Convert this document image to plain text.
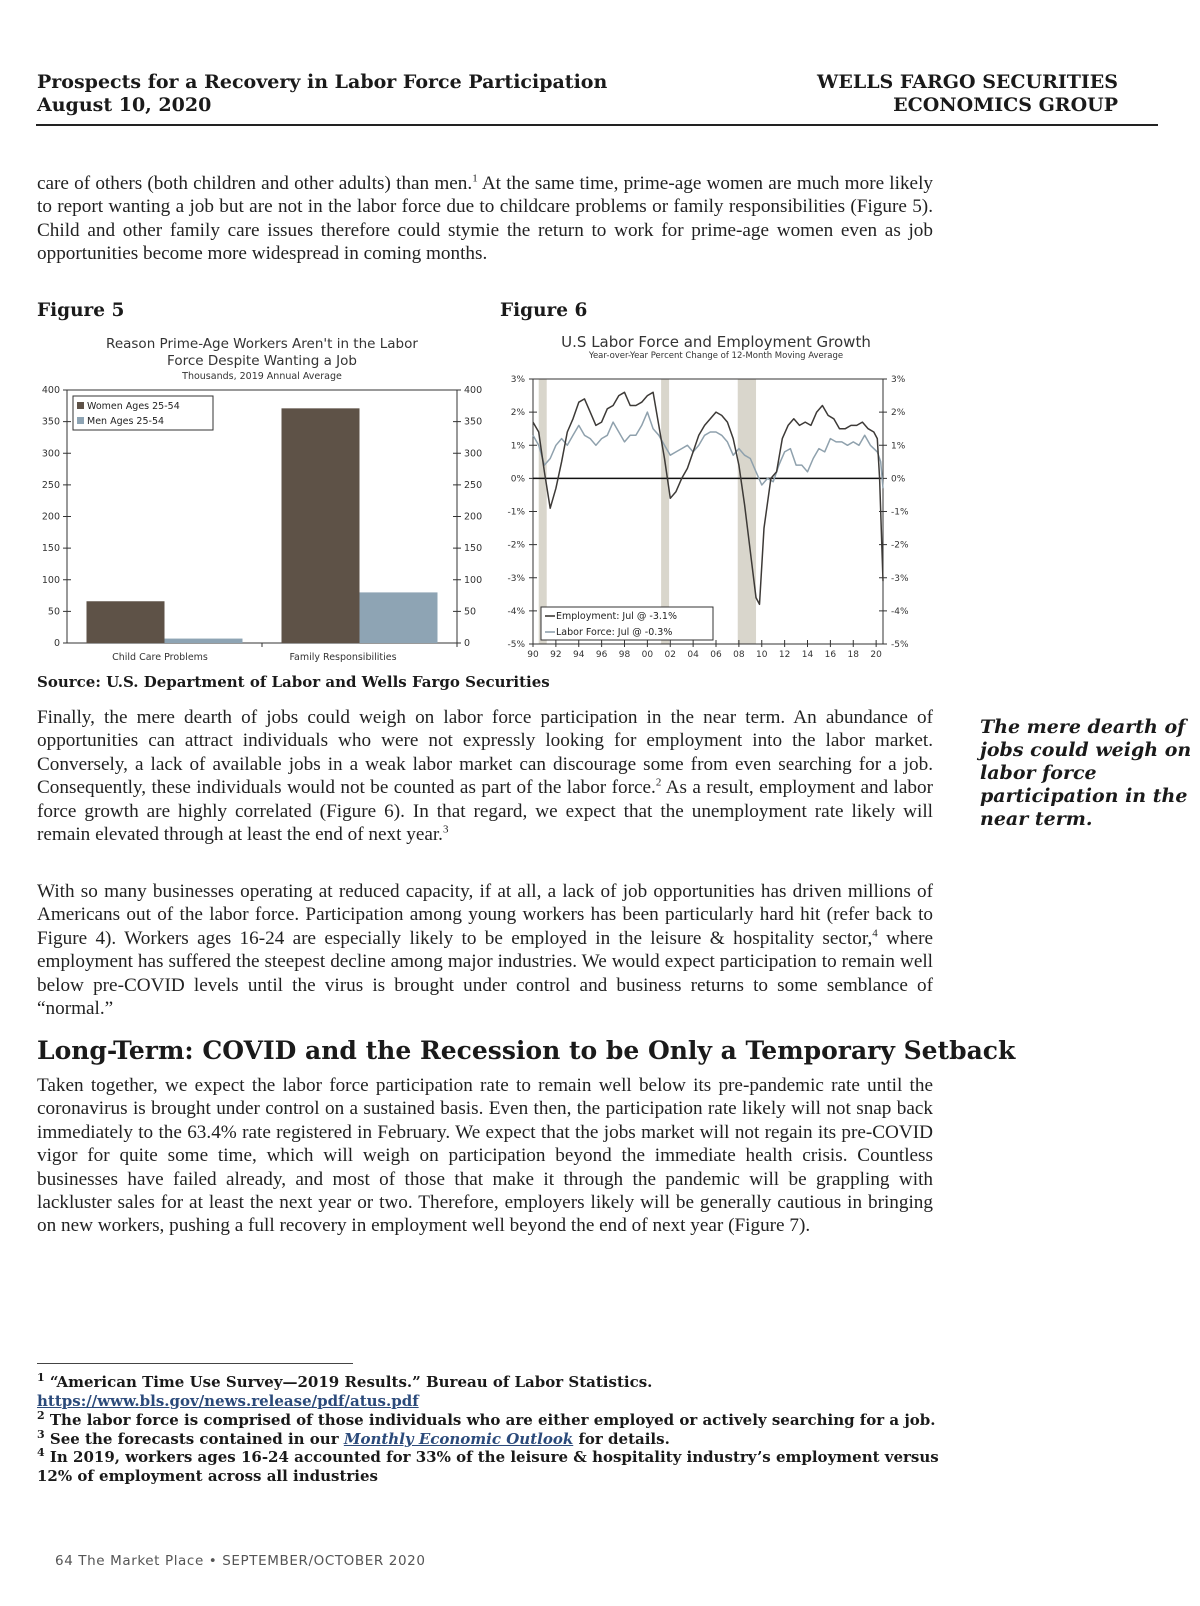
Prospects for a Recovery in Labor Force Participation
August 10, 2020
WELLS FARGO SECURITIES
ECONOMICS GROUP

care of others (both children and other adults) than men.$^1$ At the same time, prime-age women are much more likely to report wanting a job but are not in the labor force due to childcare problems or family responsibilities (Figure 5). Child and other family care issues therefore could stymie the return to work for prime-age women even as job opportunities become more widespread in coming months.

Figure 5	Figure 6
Reason Prime-Age Workers Aren't in the Labor
Force Despite Wanting a Job
Thousands, 2019 Annual Average
0	0
50	50
100	100
150	150
200	200
250	250
300	300
350	350
400	400
Child Care Problems	Family Responsibilities
Women Ages 25-54
Men Ages 25-54
U.S Labor Force and Employment Growth
Year-over-Year Percent Change of 12-Month Moving Average
3%	3%
2%	2%
1%	1%
0%	0%
-1%	-1%
-2%	-2%
-3%	-3%
-4%	-4%
-5%	-5%
90 92 94 96 98 00 02 04 06 08 10 12 14 16 18 20
Employment: Jul @ -3.1%
Labor Force: Jul @ -0.3%
Source: U.S. Department of Labor and Wells Fargo Securities

Finally, the mere dearth of jobs could weigh on labor force participation in the near term. An abundance of opportunities can attract individuals who were not expressly looking for employment into the labor market. Conversely, a lack of available jobs in a weak labor market can discourage some from even searching for a job. Consequently, these individuals would not be counted as part of the labor force.$^2$ As a result, employment and labor force growth are highly correlated (Figure 6). In that regard, we expect that the unemployment rate likely will remain elevated through at least the end of next year.$^3$

The mere dearth of jobs could weigh on labor force participation in the near term.

With so many businesses operating at reduced capacity, if at all, a lack of job opportunities has driven millions of Americans out of the labor force. Participation among young workers has been particularly hard hit (refer back to Figure 4). Workers ages 16-24 are especially likely to be employed in the leisure & hospitality sector,$^4$ where employment has suffered the steepest decline among major industries. We would expect participation to remain well below pre-COVID levels until the virus is brought under control and business returns to some semblance of “normal.”

Long-Term: COVID and the Recession to be Only a Temporary Setback

Taken together, we expect the labor force participation rate to remain well below its pre-pandemic rate until the coronavirus is brought under control on a sustained basis. Even then, the participation rate likely will not snap back immediately to the 63.4% rate registered in February. We expect that the jobs market will not regain its pre-COVID vigor for quite some time, which will weigh on participation beyond the immediate health crisis. Countless businesses have failed already, and most of those that make it through the pandemic will be grappling with lackluster sales for at least the next year or two. Therefore, employers likely will be generally cautious in bringing on new workers, pushing a full recovery in employment well beyond the end of next year (Figure 7).

$^1$ “American Time Use Survey—2019 Results.” Bureau of Labor Statistics.
https://www.bls.gov/news.release/pdf/atus.pdf
$^2$ The labor force is comprised of those individuals who are either employed or actively searching for a job.
$^3$ See the forecasts contained in our Monthly Economic Outlook for details.
$^4$ In 2019, workers ages 16-24 accounted for 33% of the leisure & hospitality industry’s employment versus 12% of employment across all industries
64 The Market Place • SEPTEMBER/OCTOBER 2020
